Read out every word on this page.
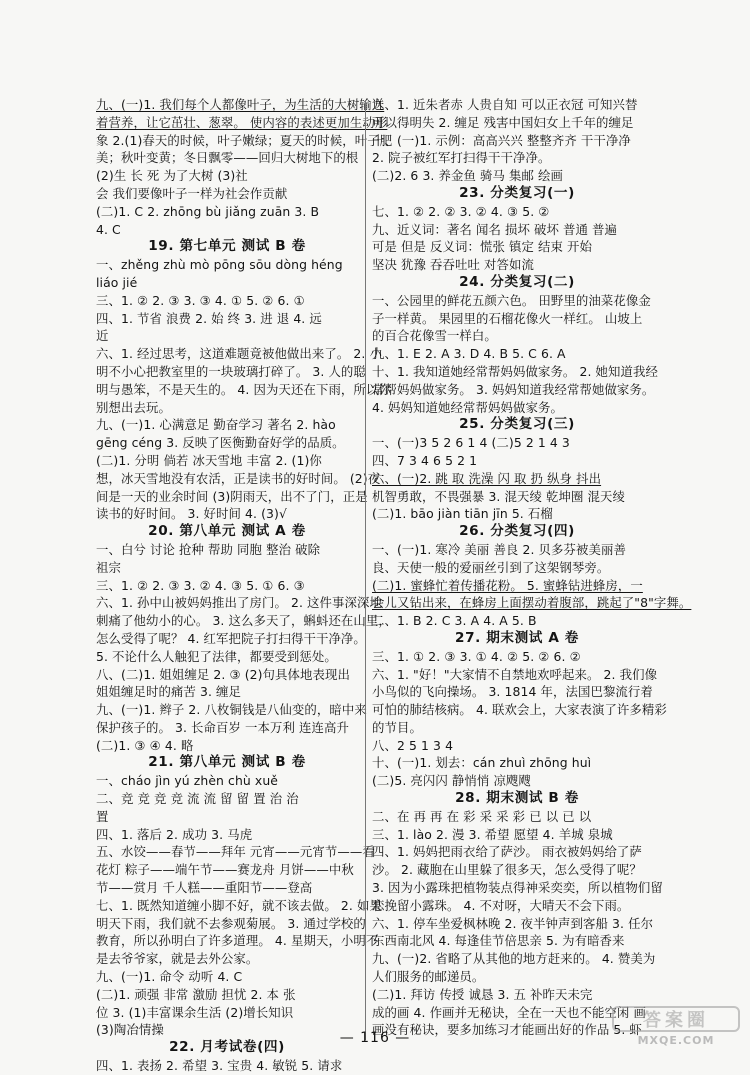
九、(一)1. 我们每个人都像叶子，为生活的大树输送
着营养，让它茁壮、葱翠。 使内容的表述更加生动形
象 2.(1)春天的时候，叶子嫩绿；夏天的时候，叶子肥
美；秋叶变黄；冬日飘零——回归大树地下的根
(2)生 长 死 为了大树 (3)社
会 我们要像叶子一样为社会作贡献
(二)1. C 2. zhōng bù jiǎng zuān 3. B
4. C
19. 第七单元 测试 B 卷
一、zhěng zhù mò pōng sōu dòng héng
liáo jié
三、1. ② 2. ③ 3. ③ 4. ① 5. ② 6. ①
四、1. 节省 浪费 2. 始 终 3. 进 退 4. 远
近
六、1. 经过思考，这道难题竟被他做出来了。 2. 小
明不小心把教室里的一块玻璃打碎了。 3. 人的聪
明与愚笨，不是天生的。 4. 因为天还在下雨，所以你
别想出去玩。
九、(一)1. 心满意足 勤奋学习 著名 2. hào
gēng céng 3. 反映了医衡勤奋好学的品质。
(二)1. 分明 倘若 冰天雪地 丰富 2. (1)你
想，冰天雪地没有农活，正是读书的好时间。 (2)夜
间是一天的业余时间 (3)阴雨天，出不了门，正是
读书的好时间。 3. 好时间 4. (3)√
20. 第八单元 测试 A 卷
一、白兮 讨论 抢种 帮助 同胞 整治 破除
祖宗
三、1. ② 2. ③ 3. ② 4. ③ 5. ① 6. ③
六、1. 孙中山被妈妈推出了房门。 2. 这件事深深地
刺痛了他幼小的心。 3. 这么多天了，蝌蚪还在山里，
怎么受得了呢？ 4. 红军把院子打扫得干干净净。
5. 不论什么人触犯了法律，都要受到惩处。
八、(二)1. 姐姐缠足 2. ③ (2)句具体地表现出
姐姐缠足时的痛苦 3. 缠足
九、(一)1. 辫子 2. 八枚铜钱是八仙变的，暗中来
保护孩子的。 3. 长命百岁 一本万利 连连高升
(二)1. ③ ④ 4. 略
21. 第八单元 测试 B 卷
一、cháo jìn yú zhèn chù xuě
二、竞 竞 竞 竞 流 流 留 留 置 治 治
置
四、1. 落后 2. 成功 3. 马虎
五、水饺——春节——拜年 元宵——元宵节——看
花灯 粽子——端午节——赛龙舟 月饼——中秋
节——赏月 千人糕——重阳节——登高
七、1. 既然知道缠小脚不好，就不该去做。 2. 如果
明天下雨，我们就不去参观菊展。 3. 通过学校的
教育，所以孙明白了许多道理。 4. 星期天，小明不
是去爷爷家，就是去外公家。
九、(一)1. 命令 动听 4. C
(二)1. 顽强 非常 激励 担忧 2. 本 张
位 3. (1)丰富课余生活 (2)增长知识
(3)陶冶情操
22. 月考试卷(四)
四、1. 表扬 2. 希望 3. 宝贵 4. 敏锐 5. 请求
九、1. 近朱者赤 人贵自知 可以正衣冠 可知兴替
可以得明失 2. 缠足 残害中国妇女上千年的缠足
十、(一)1. 示例：高高兴兴 整整齐齐 干干净净
2. 院子被红军打扫得干干净净。
(二)2. 6 3. 养金鱼 骑马 集邮 绘画
23. 分类复习(一)
七、1. ② 2. ② 3. ② 4. ③ 5. ②
九、近义词：著名 闻名 损坏 破坏 普通 普遍
可是 但是 反义词：慌张 镇定 结束 开始
坚决 犹豫 吞吞吐吐 对答如流
24. 分类复习(二)
一、公园里的鲜花五颜六色。 田野里的油菜花像金
子一样黄。 果园里的石榴花像火一样红。 山坡上
的百合花像雪一样白。
九、1. E 2. A 3. D 4. B 5. C 6. A
十、1. 我知道她经常帮妈妈做家务。 2. 她知道我经
常帮妈妈做家务。 3. 妈妈知道我经常帮她做家务。
4. 妈妈知道她经常帮妈妈做家务。
25. 分类复习(三)
一、(一)3 5 2 6 1 4 (二)5 2 1 4 3
四、7 3 4 6 5 2 1
六、(一)2. 跳 取 洗澡 闪 取 扔 纵身 抖出
机智勇敢，不畏强暴 3. 混天绫 乾坤圈 混天绫
(二)1. bāo jiàn tiān jīn 5. 石榴
26. 分类复习(四)
一、(一)1. 寒冷 美丽 善良 2. 贝多芬被美丽善
良、天使一般的爱丽丝引到了这架钢琴旁。
(二)1. 蜜蜂忙着传播花粉。 5. 蜜蜂钻进蜂房，一
会儿又钻出来，在蜂房上面摆动着腹部，跳起了"8"字舞。
二、1. B 2. C 3. A 4. A 5. B
27. 期末测试 A 卷
三、1. ① 2. ③ 3. ① 4. ② 5. ② 6. ②
六、1. "好！"大家情不自禁地欢呼起来。 2. 我们像
小鸟似的飞向操场。 3. 1814 年，法国巴黎流行着
可怕的肺结核病。 4. 联欢会上，大家表演了许多精彩
的节目。
八、2 5 1 3 4
十、(一)1. 划去：cán zhuì zhōng huì
(二)5. 亮闪闪 静悄悄 凉飕飕
28. 期末测试 B 卷
二、在 再 再 在 彩 采 采 彩 已 以 已 以
三、1. lào 2. 漫 3. 希望 愿望 4. 羊城 泉城
四、1. 妈妈把雨衣给了萨沙。 雨衣被妈妈给了萨
沙。 2. 藏胞在山里躲了很多天，怎么受得了呢？
3. 因为小露珠把植物装点得神采奕奕，所以植物们留
恋挽留小露珠。 4. 不对呀，大晴天不会下雨。
六、1. 停车坐爱枫林晚 2. 夜半钟声到客船 3. 任尔
东西南北风 4. 每逢佳节倍思亲 5. 为有暗香来
九、(一)2. 省略了从其他的地方赶来的。 4. 赞美为
人们服务的邮递员。
(二)1. 拜访 传授 诚恳 3. 五 补昨天未完
成的画 4. 作画并无秘诀，全在一天也不能空闲 画
画没有秘诀，要多加练习才能画出好的作品 5. 虾
— 116 —
答案圈
MXQE.COM
